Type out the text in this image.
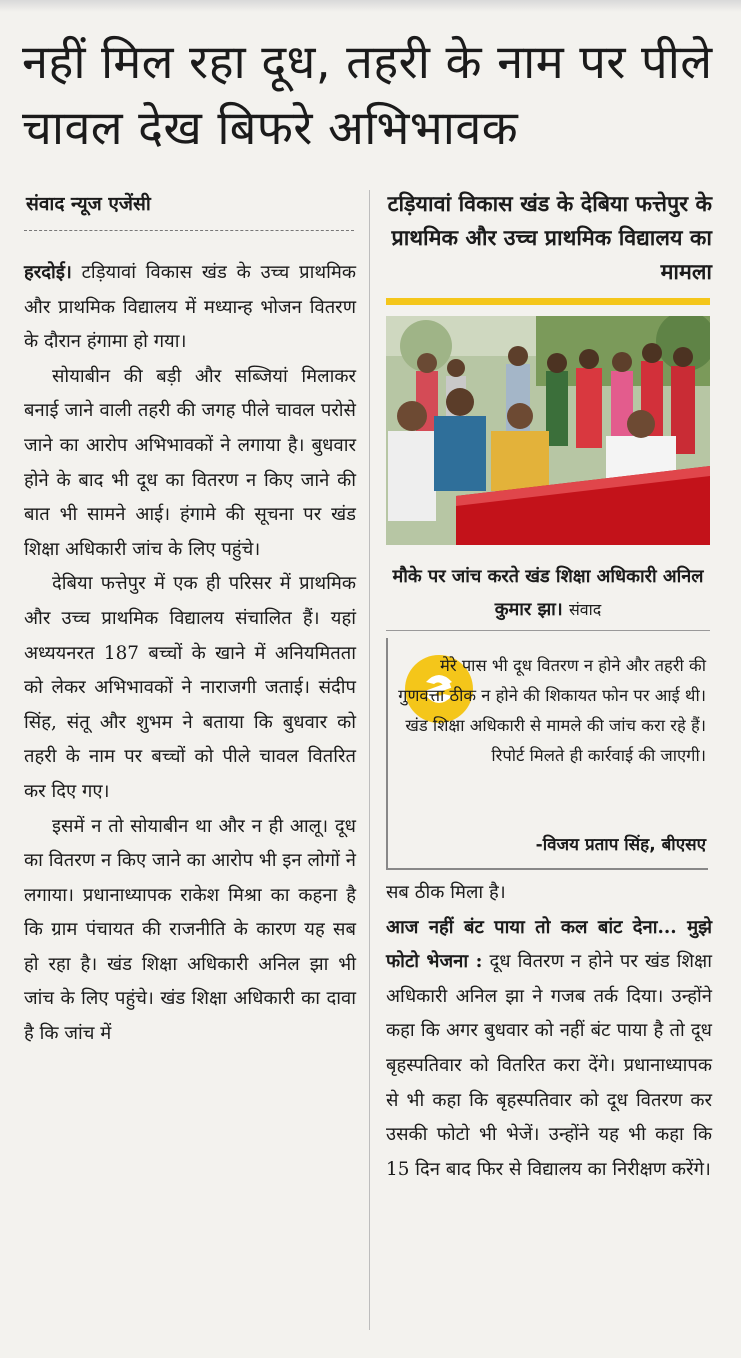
नहीं मिल रहा दूध, तहरी के नाम पर पीले चावल देख बिफरे अभिभावक
संवाद न्यूज एजेंसी

हरदोई। टड़ियावां विकास खंड के उच्च प्राथमिक और प्राथमिक विद्यालय में मध्यान्ह भोजन वितरण के दौरान हंगामा हो गया।

सोयाबीन की बड़ी और सब्जियां मिलाकर बनाई जाने वाली तहरी की जगह पीले चावल परोसे जाने का आरोप अभिभावकों ने लगाया है। बुधवार होने के बाद भी दूध का वितरण न किए जाने की बात भी सामने आई। हंगामे की सूचना पर खंड शिक्षा अधिकारी जांच के लिए पहुंचे।

देबिया फत्तेपुर में एक ही परिसर में प्राथमिक और उच्च प्राथमिक विद्यालय संचालित हैं। यहां अध्ययनरत 187 बच्चों के खाने में अनियमितता को लेकर अभिभावकों ने नाराजगी जताई। संदीप सिंह, संतू और शुभम ने बताया कि बुधवार को तहरी के नाम पर बच्चों को पीले चावल वितरित कर दिए गए।

इसमें न तो सोयाबीन था और न ही आलू। दूध का वितरण न किए जाने का आरोप भी इन लोगों ने लगाया। प्रधानाध्यापक राकेश मिश्रा का कहना है कि ग्राम पंचायत की राजनीति के कारण यह सब हो रहा है। खंड शिक्षा अधिकारी अनिल झा भी जांच के लिए पहुंचे। खंड शिक्षा अधिकारी का दावा है कि जांच में

टड़ियावां विकास खंड के देबिया फत्तेपुर के प्राथमिक और उच्च प्राथमिक विद्यालय का मामला
मौके पर जांच करते खंड शिक्षा अधिकारी अनिल कुमार झा। संवाद
मेरे पास भी दूध वितरण न होने और तहरी की गुणवत्ता ठीक न होने की शिकायत फोन पर आई थी। खंड शिक्षा अधिकारी से मामले की जांच करा रहे हैं। रिपोर्ट मिलते ही कार्रवाई की जाएगी।
-विजय प्रताप सिंह, बीएसए

सब ठीक मिला है।

आज नहीं बंट पाया तो कल बांट देना... मुझे फोटो भेजना : दूध वितरण न होने पर खंड शिक्षा अधिकारी अनिल झा ने गजब तर्क दिया। उन्होंने कहा कि अगर बुधवार को नहीं बंट पाया है तो दूध बृहस्पतिवार को वितरित करा देंगे। प्रधानाध्यापक से भी कहा कि बृहस्पतिवार को दूध वितरण कर उसकी फोटो भी भेजें। उन्होंने यह भी कहा कि 15 दिन बाद फिर से विद्यालय का निरीक्षण करेंगे।
